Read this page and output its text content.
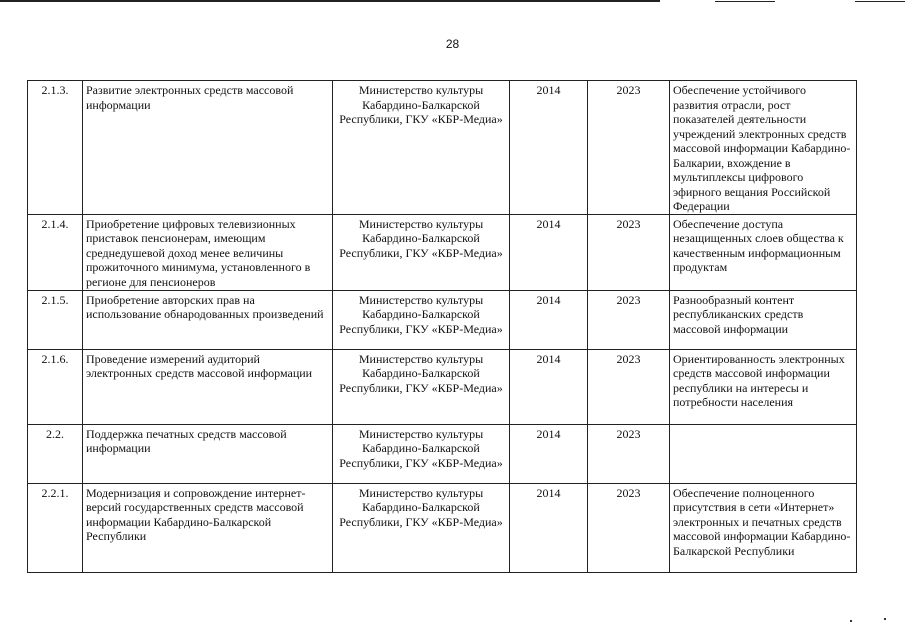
28
2.1.3.	Развитие электронных средств массовой информации	Министерство культуры Кабардино-Балкарской Республики, ГКУ «КБР-Медиа»	2014	2023	Обеспечение устойчивого развития отрасли, рост показателей деятельности учреждений электронных средств массовой информации Кабардино-Балкарии, вхождение в мультиплексы цифрового эфирного вещания Российской Федерации
2.1.4.	Приобретение цифровых телевизионных приставок пенсионерам, имеющим среднедушевой доход менее величины прожиточного минимума, установленного в регионе для пенсионеров	Министерство культуры Кабардино-Балкарской Республики, ГКУ «КБР-Медиа»	2014	2023	Обеспечение доступа незащищенных слоев общества к качественным информационным продуктам
2.1.5.	Приобретение авторских прав на использование обнародованных произведений	Министерство культуры Кабардино-Балкарской Республики, ГКУ «КБР-Медиа»	2014	2023	Разнообразный контент республиканских средств массовой информации
2.1.6.	Проведение измерений аудиторий электронных средств массовой информации	Министерство культуры Кабардино-Балкарской Республики, ГКУ «КБР-Медиа»	2014	2023	Ориентированность электронных средств массовой информации республики на интересы и потребности населения
2.2.	Поддержка печатных средств массовой информации	Министерство культуры Кабардино-Балкарской Республики, ГКУ «КБР-Медиа»	2014	2023	
2.2.1.	Модернизация и сопровождение интернет-версий государственных средств массовой информации Кабардино-Балкарской Республики	Министерство культуры Кабардино-Балкарской Республики, ГКУ «КБР-Медиа»	2014	2023	Обеспечение полноценного присутствия в сети «Интернет» электронных и печатных средств массовой информации Кабардино-Балкарской Республики
